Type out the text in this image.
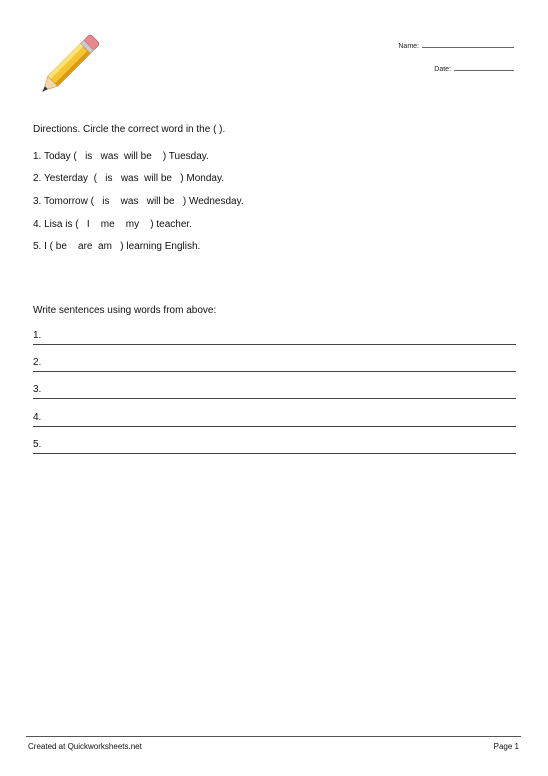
Name:
Date:
Directions. Circle the correct word in the ( ).
1. Today (   is   was  will be    ) Tuesday.
2. Yesterday  (   is   was  will be   ) Monday.
3. Tomorrow (   is    was   will be   ) Wednesday.
4. Lisa is (   I    me    my    ) teacher.
5. I ( be    are  am   ) learning English.
Write sentences using words from above:
1.
2.
3.
4.
5.
Created at Quickworksheets.net	Page 1
